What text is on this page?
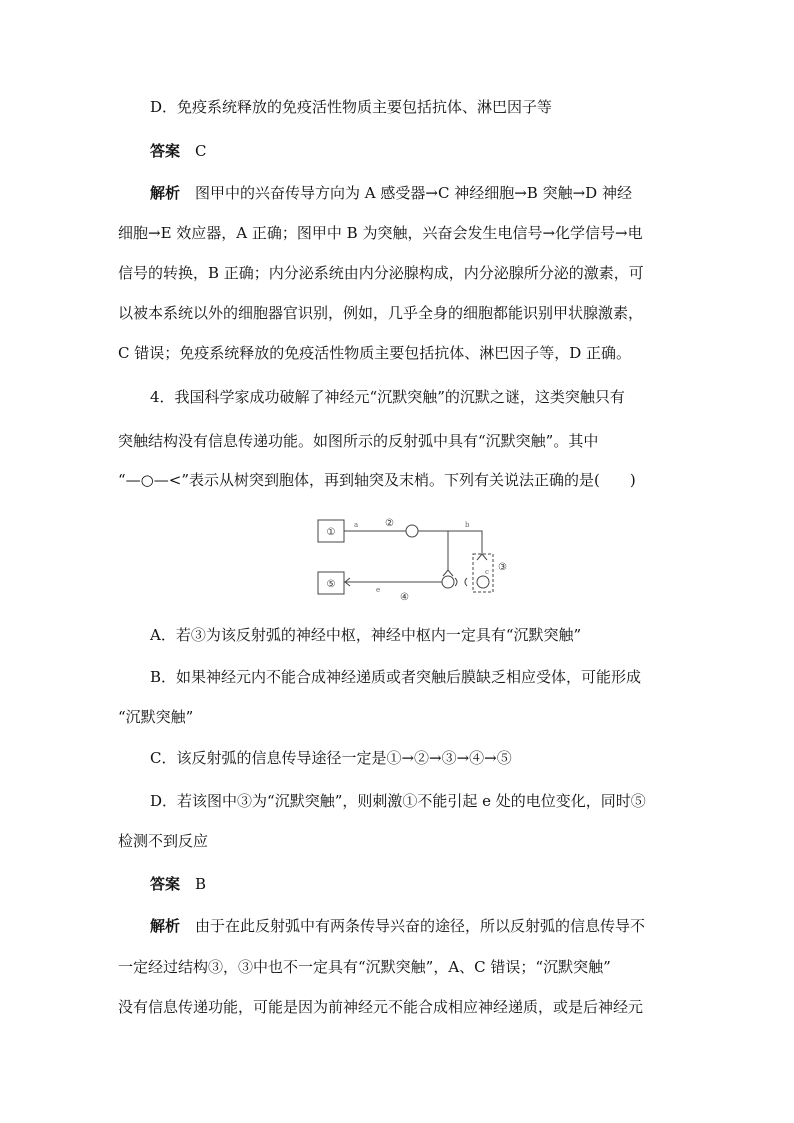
D．免疫系统释放的免疫活性物质主要包括抗体、淋巴因子等
答案　 C
解析　 图甲中的兴奋传导方向为 A 感受器→C 神经细胞→B 突触→D 神经
细胞→E 效应器，A 正确；图甲中 B 为突触，兴奋会发生电信号→化学信号→电
信号的转换，B 正确；内分泌系统由内分泌腺构成，内分泌腺所分泌的激素，可
以被本系统以外的细胞器官识别，例如，几乎全身的细胞都能识别甲状腺激素，
C 错误；免疫系统释放的免疫活性物质主要包括抗体、淋巴因子等，D 正确。
4．我国科学家成功破解了神经元“沉默突触”的沉默之谜，这类突触只有
突触结构没有信息传递功能。如图所示的反射弧中具有“沉默突触”。其中
“—○—<”表示从树突到胞体，再到轴突及末梢。下列有关说法正确的是(　　)
①
⑤
②
④
③
a	b
c
e
A．若③为该反射弧的神经中枢，神经中枢内一定具有“沉默突触”
B．如果神经元内不能合成神经递质或者突触后膜缺乏相应受体，可能形成
“沉默突触”
C．该反射弧的信息传导途径一定是①→②→③→④→⑤
D．若该图中③为“沉默突触”，则刺激①不能引起 e 处的电位变化，同时⑤
检测不到反应
答案　 B
解析　 由于在此反射弧中有两条传导兴奋的途径，所以反射弧的信息传导不
一定经过结构③，③中也不一定具有“沉默突触”，A、C 错误；“沉默突触”
没有信息传递功能，可能是因为前神经元不能合成相应神经递质，或是后神经元
